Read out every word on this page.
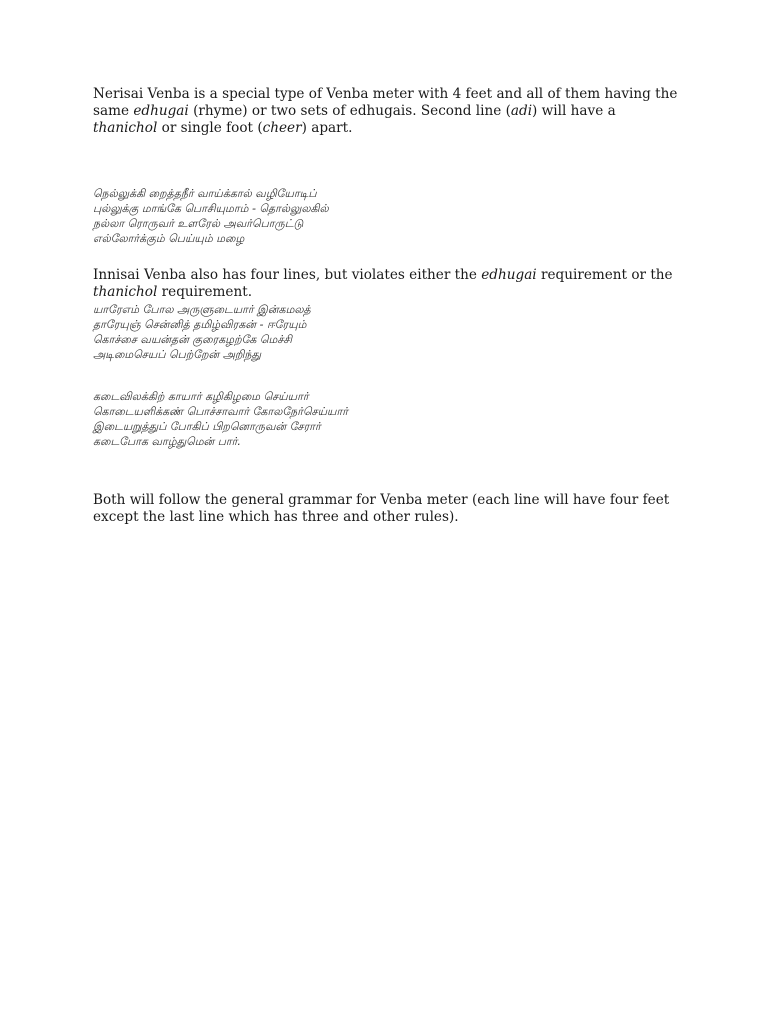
Nerisai Venba is a special type of Venba meter with 4 feet and all of them having the same edhugai (rhyme) or two sets of edhugais. Second line (adi) will have a
thanichol or single foot (cheer) apart.

நெல்லுக்கி றைத்தநீர் வாய்க்கால் வழியோடிப்
புல்லுக்கு மாங்கே பொசியுமாம் - தொல்லுலகில்
நல்லா ரொருவர் உளரேல் அவர்பொருட்டு
எல்லோர்க்கும் பெய்யும் மழை

Innisai Venba also has four lines, but violates either the edhugai requirement or the
thanichol requirement.

யாரேஎம் போல அருளுடையார் இன்கமலத்
தாரேயுஞ் சென்னித் தமிழ்விரகன் - ஈரேயும்
கொச்சை வயன்தன் குரைகழற்கே மெச்சி
அடிமைசெயப் பெற்றேன் அறிந்து
கடைவிலக்கிற் காயார் கழிகிழமை செய்யார்
கொடையளிக்கண் பொச்சாவார் கோலநேர்செய்யார்
இடையறுத்துப் போகிப் பிறனொருவன் சேரார்
கடைபோக வாழ்துமென் பார்.

Both will follow the general grammar for Venba meter (each line will have four feet except the last line which has three and other rules).
